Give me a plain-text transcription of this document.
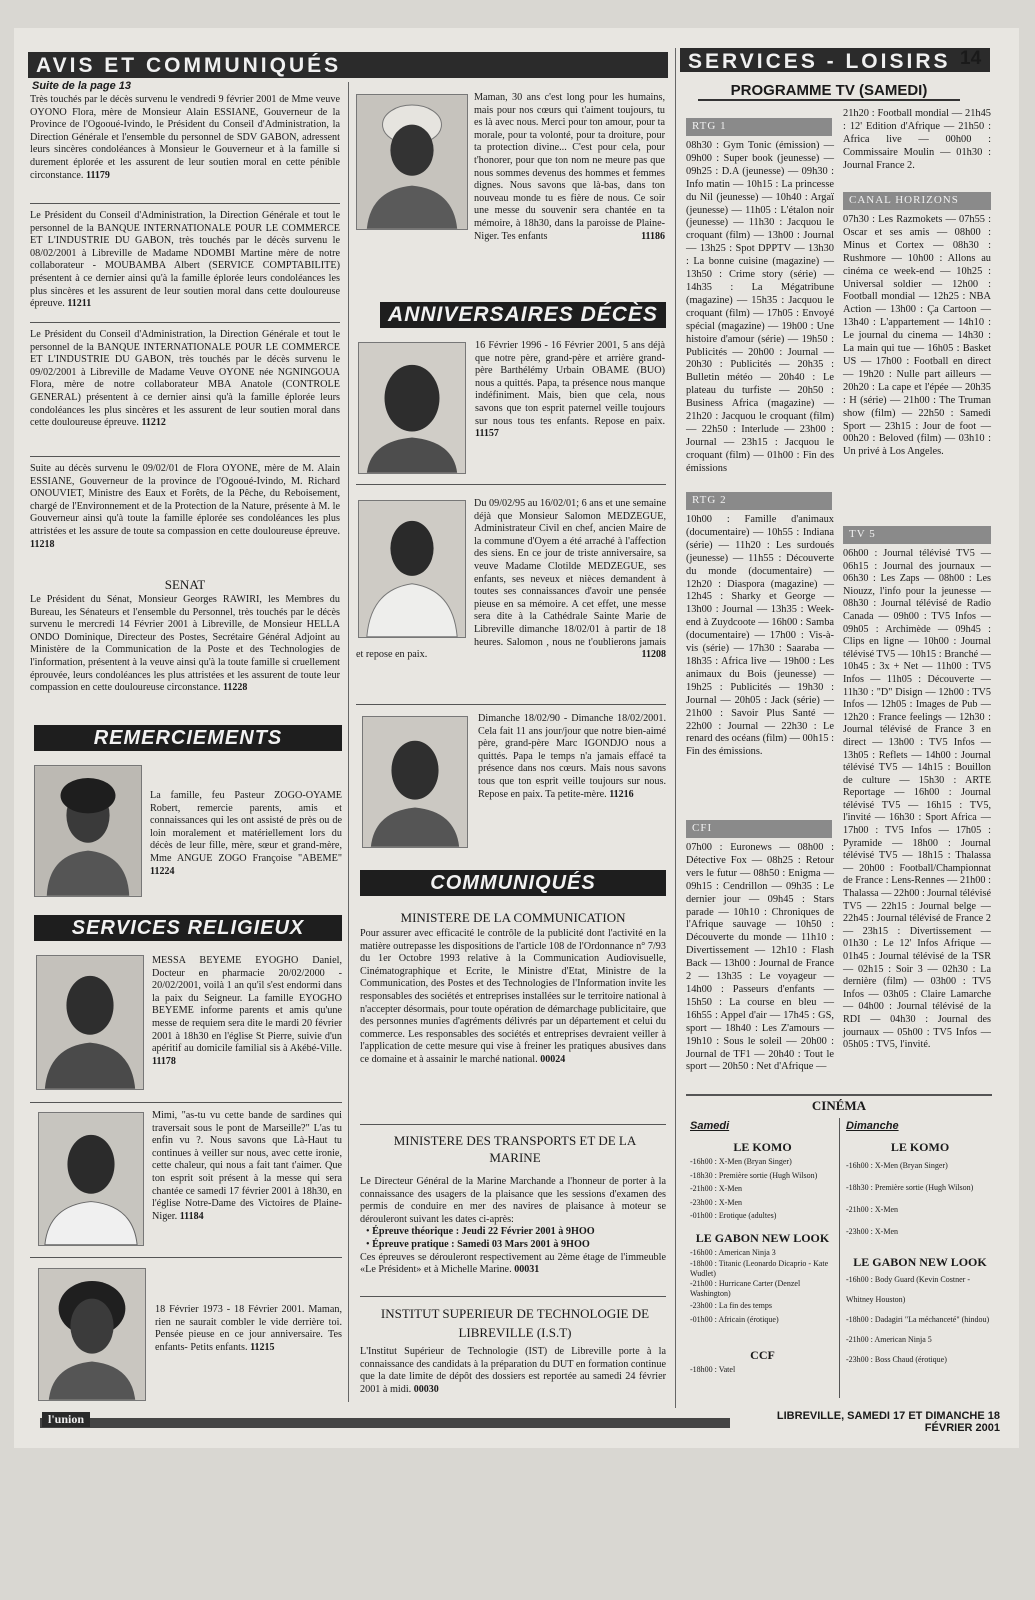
AVIS ET COMMUNIQUÉS	SERVICES - LOISIRS 14
Suite de la page 13
Très touchés par le décès survenu le vendredi 9 février 2001 de Mme veuve OYONO Flora, mère de Monsieur Alain ESSIANE, Gouverneur de la Province de l'Ogooué-Ivindo, le Président du Conseil d'Administration, la Direction Générale et l'ensemble du personnel de SDV GABON, adressent leurs sincères condoléances à Monsieur le Gouverneur et à la famille si durement éplorée et les assurent de leur soutien moral en cette pénible circonstance. 11179
Le Président du Conseil d'Administration, la Direction Générale et tout le personnel de la BANQUE INTERNATIONALE POUR LE COMMERCE ET L'INDUSTRIE DU GABON, très touchés par le décès survenu le 08/02/2001 à Libreville de Madame NDOMBI Martine mère de notre collaborateur - MOUBAMBA Albert (SERVICE COMPTABILITE) présentent à ce dernier ainsi qu'à la famille éplorée leurs condoléances les plus sincères et les assurent de leur soutien moral dans cette douloureuse épreuve. 11211
Le Président du Conseil d'Administration, la Direction Générale et tout le personnel de la BANQUE INTERNATIONALE POUR LE COMMERCE ET L'INDUSTRIE DU GABON, très touchés par le décès survenu le 09/02/2001 à Libreville de Madame Veuve OYONE née NGNINGOUA Flora, mère de notre collaborateur MBA Anatole (CONTROLE GENERAL) présentent à ce dernier ainsi qu'à la famille éplorée leurs condoléances les plus sincères et les assurent de leur soutien moral dans cette douloureuse épreuve. 11212
Suite au décès survenu le 09/02/01 de Flora OYONE, mère de M. Alain ESSIANE, Gouverneur de la province de l'Ogooué-Ivindo, M. Richard ONOUVIET, Ministre des Eaux et Forêts, de la Pêche, du Reboisement, chargé de l'Environnement et de la Protection de la Nature, présente à M. le Gouverneur ainsi qu'à toute la famille éplorée ses condoléances les plus attristées et les assure de toute sa compassion en cette douloureuse épreuve. 11218
SENAT
Le Président du Sénat, Monsieur Georges RAWIRI, les Membres du Bureau, les Sénateurs et l'ensemble du Personnel, très touchés par le décès survenu le mercredi 14 Février 2001 à Libreville, de Monsieur HELLA ONDO Dominique, Directeur des Postes, Secrétaire Général Adjoint au Ministère de la Communication de la Poste et des Technologies de l'information, présentent à la veuve ainsi qu'à la toute famille si cruellement éprouvée, leurs condoléances les plus attristées et les assurent de toute leur compassion en cette douloureuse circonstance. 11228
REMERCIEMENTS
La famille, feu Pasteur ZOGO-OYAME Robert, remercie parents, amis et connaissances qui les ont assisté de près ou de loin moralement et matériellement lors du décès de leur fille, mère, sœur et grand-mère, Mme ANGUE ZOGO Françoise "ABEME" 11224
SERVICES RELIGIEUX
MESSA BEYEME EYOGHO Daniel, Docteur en pharmacie 20/02/2000 - 20/02/2001, voilà 1 an qu'il s'est endormi dans la paix du Seigneur. La famille EYOGHO BEYEME informe parents et amis qu'une messe de requiem sera dite le mardi 20 février 2001 à 18h30 en l'église St Pierre, suivie d'un apéritif au domicile familial sis à Akébé-Ville. 11178
Mimi, "as-tu vu cette bande de sardines qui traversait sous le pont de Marseille?" L'as tu enfin vu ?. Nous savons que Là-Haut tu continues à veiller sur nous, avec cette ironie, cette chaleur, qui nous a fait tant t'aimer. Que ton esprit soit présent à la messe qui sera chantée ce samedi 17 février 2001 à 18h30, en l'église Notre-Dame des Victoires de Plaine-Niger. 11184
18 Février 1973 - 18 Février 2001. Maman, rien ne saurait combler le vide derrière toi. Pensée pieuse en ce jour anniversaire. Tes enfants- Petits enfants. 11215
Maman, 30 ans c'est long pour les humains, mais pour nos cœurs qui t'aiment toujours, tu es là avec nous. Merci pour ton amour, pour ta morale, pour ta volonté, pour ta droiture, pour ta protection divine... C'est pour cela, pour t'honorer, pour que ton nom ne meure pas que nous sommes devenus des hommes et femmes dignes. Nous savons que là-bas, dans ton nouveau monde tu es fière de nous. Ce soir une messe du souvenir sera chantée en ta mémoire, à 18h30, dans la paroisse de Plaine-Niger. Tes enfants	11186
ANNIVERSAIRES DÉCÈS
16 Février 1996 - 16 Février 2001, 5 ans déjà que notre père, grand-père et arrière grand-père Barthélémy Urbain OBAME (BUO) nous a quittés. Papa, ta présence nous manque indéfiniment. Mais, bien que cela, nous savons que ton esprit paternel veille toujours sur nous tous tes enfants. Repose en paix. 11157
Du 09/02/95 au 16/02/01; 6 ans et une semaine déjà que Monsieur Salomon MEDZEGUE, Administrateur Civil en chef, ancien Maire de la commune d'Oyem a été arraché à l'affection des siens. En ce jour de triste anniversaire, sa veuve Madame Clotilde MEDZEGUE, ses enfants, ses neveux et nièces demandent à toutes ses connaissances d'avoir une pensée pieuse en sa mémoire. A cet effet, une messe sera dite à la Cathédrale Sainte Marie de Libreville dimanche 18/02/01 à partir de 18 heures. Salomon , nous ne t'oublierons jamais et repose en paix.	11208
Dimanche 18/02/90 - Dimanche 18/02/2001. Cela fait 11 ans jour/jour que notre bien-aimé père, grand-père Marc IGONDJO nous a quittés. Papa le temps n'a jamais effacé ta présence dans nos cœurs. Mais nous savons tous que ton esprit veille toujours sur nous. Repose en paix. Ta petite-mère. 11216
COMMUNIQUÉS
MINISTERE DE LA COMMUNICATION
Pour assurer avec efficacité le contrôle de la publicité dont l'activité en la matière outrepasse les dispositions de l'article 108 de l'Ordonnance n° 7/93 du 1er Octobre 1993 relative à la Communication Audiovisuelle, Cinématographique et Ecrite, le Ministre d'Etat, Ministre de la Communication, des Postes et des Technologies de l'Information invite les responsables des sociétés et entreprises installées sur le territoire national à n'accepter désormais, pour toute opération de démarchage publicitaire, que des personnes munies d'agréments délivrés par un département et celui du commerce. Les responsables des sociétés et entreprises devraient veiller à l'application de cette mesure qui vise à freiner les pratiques abusives dans ce domaine et à assainir le marché national. 00024
MINISTERE DES TRANSPORTS ET DE LA MARINE
Le Directeur Général de la Marine Marchande a l'honneur de porter à la connaissance des usagers de la plaisance que les sessions d'examen des permis de conduire en mer des navires de plaisance à moteur se dérouleront suivant les dates ci-après:
• Épreuve théorique : Jeudi 22 Février 2001 à 9HOO
• Épreuve pratique : Samedi 03 Mars 2001 à 9HOO
Ces épreuves se dérouleront respectivement au 2ème étage de l'immeuble «Le Président» et à Michelle Marine. 00031
INSTITUT SUPERIEUR DE TECHNOLOGIE DE LIBREVILLE (I.S.T)
L'Institut Supérieur de Technologie (IST) de Libreville porte à la connaissance des candidats à la préparation du DUT en formation continue que la date limite de dépôt des dossiers est reportée au samedi 24 février 2001 à midi. 00030
PROGRAMME TV (SAMEDI)
RTG 1
08h30 : Gym Tonic (émission) — 09h00 : Super book (jeunesse) — 09h25 : D.A (jeunesse) — 09h30 : Info matin — 10h15 : La princesse du Nil (jeunesse) — 10h40 : Argaï (jeunesse) — 11h05 : L'étalon noir (jeunesse) — 11h30 : Jacquou le croquant (film) — 13h00 : Journal — 13h25 : Spot DPPTV — 13h30 : La bonne cuisine (magazine) — 13h50 : Crime story (série) — 14h35 : La Mégatribune (magazine) — 15h35 : Jacquou le croquant (film) — 17h05 : Envoyé spécial (magazine) — 19h00 : Une histoire d'amour (série) — 19h50 : Publicités — 20h00 : Journal — 20h30 : Publicités — 20h35 : Bulletin météo — 20h40 : Le plateau du turfiste — 20h50 : Business Africa (magazine) — 21h20 : Jacquou le croquant (film) — 22h50 : Interlude — 23h00 : Journal — 23h15 : Jacquou le croquant (film) — 01h00 : Fin des émissions
RTG 2
10h00 : Famille d'animaux (documentaire) — 10h55 : Indiana (série) — 11h20 : Les surdoués (jeunesse) — 11h55 : Découverte du monde (documentaire) — 12h20 : Diaspora (magazine) — 12h45 : Sharky et George — 13h00 : Journal — 13h35 : Week-end à Zuydcoote — 16h00 : Samba (documentaire) — 17h00 : Vis-à-vis (série) — 17h30 : Saaraba — 18h35 : Africa live — 19h00 : Les animaux du Bois (jeunesse) — 19h25 : Publicités — 19h30 : Journal — 20h05 : Jack (série) — 21h00 : Savoir Plus Santé — 22h00 : Journal — 22h30 : Le renard des océans (film) — 00h15 : Fin des émissions.
CFI
07h00 : Euronews — 08h00 : Détective Fox — 08h25 : Retour vers le futur — 08h50 : Enigma — 09h15 : Cendrillon — 09h35 : Le dernier jour — 09h45 : Stars parade — 10h10 : Chroniques de l'Afrique sauvage — 10h50 : Découverte du monde — 11h10 : Divertissement — 12h10 : Flash Back — 13h00 : Journal de France 2 — 13h35 : Le voyageur — 14h00 : Passeurs d'enfants — 15h50 : La course en bleu — 16h55 : Appel d'air — 17h45 : GS, sport — 18h40 : Les Z'amours — 19h10 : Sous le soleil — 20h00 : Journal de TF1 — 20h40 : Tout le sport — 20h50 : Net d'Afrique —
21h20 : Football mondial — 21h45 : 12' Edition d'Afrique — 21h50 : Africa live — 00h00 : Commissaire Moulin — 01h30 : Journal France 2.
CANAL HORIZONS
07h30 : Les Razmokets — 07h55 : Oscar et ses amis — 08h00 : Minus et Cortex — 08h30 : Rushmore — 10h00 : Allons au cinéma ce week-end — 10h25 : Universal soldier — 12h00 : Football mondial — 12h25 : NBA Action — 13h00 : Ça Cartoon — 13h40 : L'appartement — 14h10 : Le journal du cinema — 14h30 : La main qui tue — 16h05 : Basket US — 17h00 : Football en direct — 19h20 : Nulle part ailleurs — 20h20 : La cape et l'épée — 20h35 : H (série) — 21h00 : The Truman show (film) — 22h50 : Samedi Sport — 23h15 : Jour de foot — 00h20 : Beloved (film) — 03h10 : Un privé à Los Angeles.
TV 5
06h00 : Journal télévisé TV5 — 06h15 : Journal des journaux — 06h30 : Les Zaps — 08h00 : Les Niouzz, l'info pour la jeunesse — 08h30 : Journal télévisé de Radio Canada — 09h00 : TV5 Infos — 09h05 : Archimède — 09h45 : Clips en ligne — 10h00 : Journal télévisé TV5 — 10h15 : Branché — 10h45 : 3x + Net — 11h00 : TV5 Infos — 11h05 : Découverte — 11h30 : "D" Disign — 12h00 : TV5 Infos — 12h05 : Images de Pub — 12h20 : France feelings — 12h30 : Journal télévisé de France 3 en direct — 13h00 : TV5 Infos — 13h05 : Reflets — 14h00 : Journal télévisé TV5 — 14h15 : Bouillon de culture — 15h30 : ARTE Reportage — 16h00 : Journal télévisé TV5 — 16h15 : TV5, l'invité — 16h30 : Sport Africa — 17h00 : TV5 Infos — 17h05 : Pyramide — 18h00 : Journal télévisé TV5 — 18h15 : Thalassa — 20h00 : Football/Championnat de France : Lens-Rennes — 21h00 : Thalassa — 22h00 : Journal télévisé TV5 — 22h15 : Journal belge — 22h45 : Journal télévisé de France 2 — 23h15 : Divertissement — 01h30 : Le 12' Infos Afrique — 01h45 : Journal télévisé de la TSR — 02h15 : Soir 3 — 02h30 : La dernière (film) — 03h00 : TV5 Infos — 03h05 : Claire Lamarche — 04h00 : Journal télévisé de la RDI — 04h30 : Journal des journaux — 05h00 : TV5 Infos — 05h05 : TV5, l'invité.
CINÉMA
Samedi
LE KOMO
-16h00 : X-Men (Bryan Singer)
-18h30 : Première sortie (Hugh Wilson)
-21h00 : X-Men
-23h00 : X-Men
-01h00 : Erotique (adultes)
LE GABON NEW LOOK
-16h00 : American Ninja 3
-18h00 : Titanic (Leonardo Dicaprio - Kate Wudlet)
-21h00 : Hurricane Carter (Denzel Washington)
-23h00 : La fin des temps
-01h00 : Africain (érotique)
CCF
-18h00 : Vatel
Dimanche
LE KOMO
-16h00 : X-Men (Bryan Singer)
-18h30 : Première sortie (Hugh Wilson)
-21h00 : X-Men
-23h00 : X-Men
LE GABON NEW LOOK
-16h00 : Body Guard (Kevin Costner - Whitney Houston)
-18h00 : Dadagiri "La méchanceté" (hindou)
-21h00 : American Ninja 5
-23h00 : Boss Chaud (érotique)
l'union	LIBREVILLE, SAMEDI 17 ET DIMANCHE 18 FÉVRIER 2001
